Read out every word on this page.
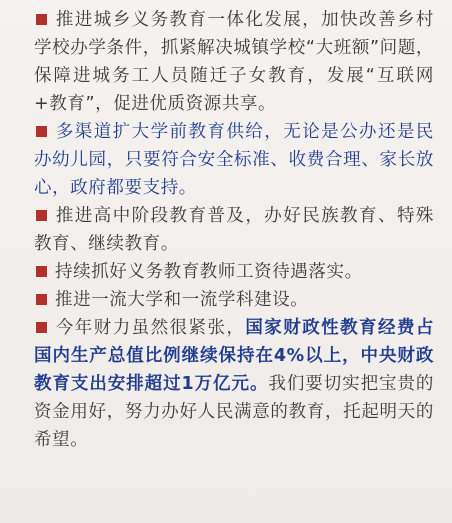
推进城乡义务教育一体化发展，加快改善乡村学校办学条件，抓紧解决城镇学校“大班额”问题，保障进城务工人员随迁子女教育，发展“互联网+教育”，促进优质资源共享。

多渠道扩大学前教育供给，无论是公办还是民办幼儿园，只要符合安全标准、收费合理、家长放心，政府都要支持。

推进高中阶段教育普及，办好民族教育、特殊教育、继续教育。

持续抓好义务教育教师工资待遇落实。

推进一流大学和一流学科建设。

今年财力虽然很紧张，国家财政性教育经费占国内生产总值比例继续保持在4%以上，中央财政教育支出安排超过1万亿元。我们要切实把宝贵的资金用好，努力办好人民满意的教育，托起明天的希望。
